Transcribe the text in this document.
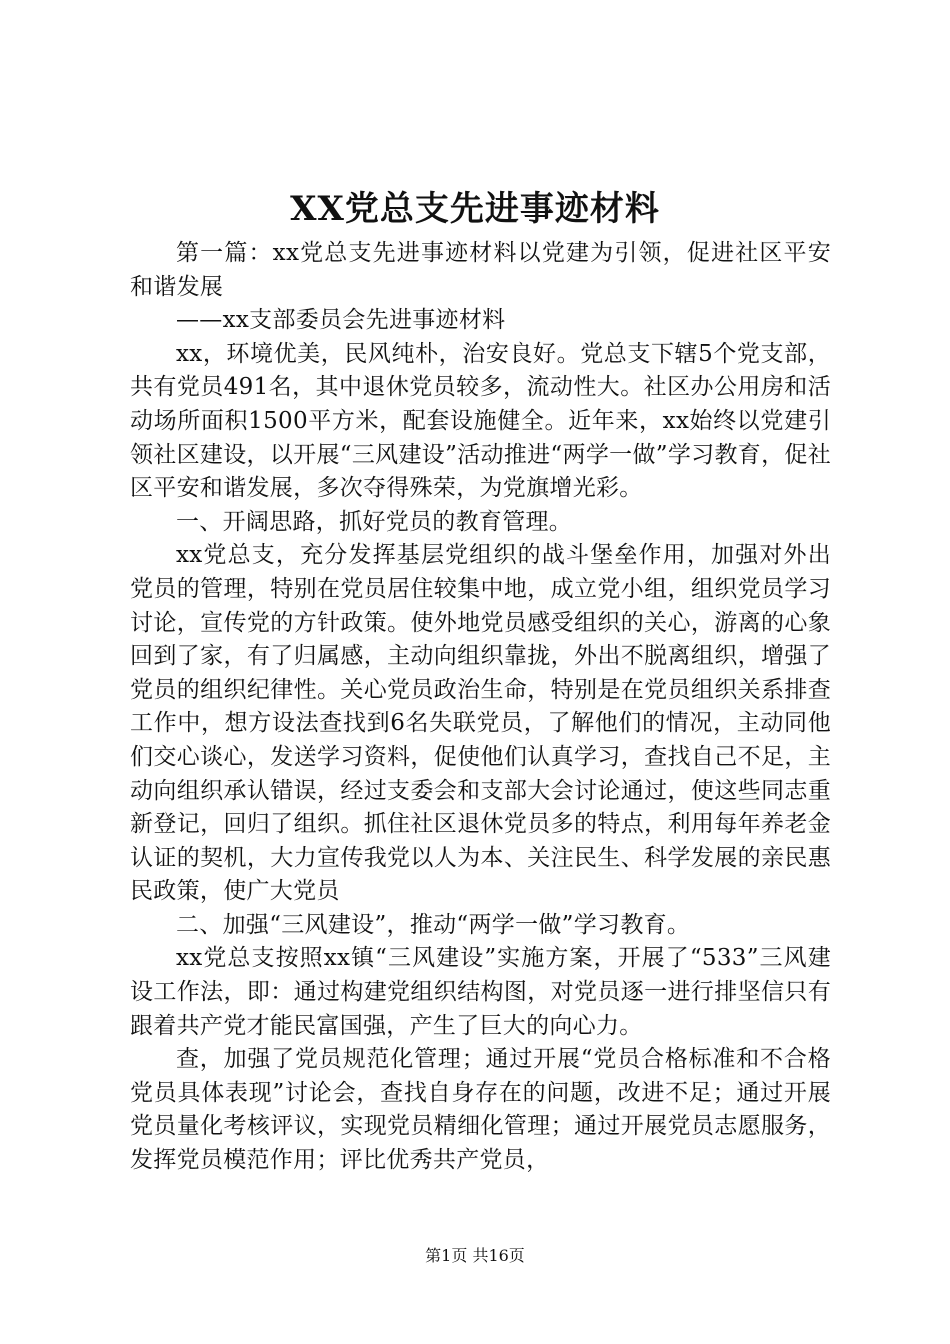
XX党总支先进事迹材料

第一篇：xx党总支先进事迹材料以党建为引领，促进社区平安和谐发展

——xx支部委员会先进事迹材料

xx，环境优美，民风纯朴，治安良好。党总支下辖5个党支部，共有党员491名，其中退休党员较多，流动性大。社区办公用房和活动场所面积1500平方米，配套设施健全。近年来，xx始终以党建引领社区建设，以开展“三风建设”活动推进“两学一做”学习教育，促社区平安和谐发展，多次夺得殊荣，为党旗增光彩。

一、开阔思路，抓好党员的教育管理。

xx党总支，充分发挥基层党组织的战斗堡垒作用，加强对外出党员的管理，特别在党员居住较集中地，成立党小组，组织党员学习讨论，宣传党的方针政策。使外地党员感受组织的关心，游离的心象回到了家，有了归属感，主动向组织靠拢，外出不脱离组织，增强了党员的组织纪律性。关心党员政治生命，特别是在党员组织关系排查工作中，想方设法查找到6名失联党员，了解他们的情况，主动同他们交心谈心，发送学习资料，促使他们认真学习，查找自己不足，主动向组织承认错误，经过支委会和支部大会讨论通过，使这些同志重新登记，回归了组织。抓住社区退休党员多的特点，利用每年养老金认证的契机，大力宣传我党以人为本、关注民生、科学发展的亲民惠民政策，使广大党员

二、加强“三风建设”，推动“两学一做”学习教育。

xx党总支按照xx镇“三风建设”实施方案，开展了“533”三风建设工作法，即：通过构建党组织结构图，对党员逐一进行排坚信只有跟着共产党才能民富国强，产生了巨大的向心力。

查，加强了党员规范化管理；通过开展“党员合格标准和不合格党员具体表现”讨论会，查找自身存在的问题，改进不足；通过开展党员量化考核评议，实现党员精细化管理；通过开展党员志愿服务，发挥党员模范作用；评比优秀共产党员，

第1页 共16页
